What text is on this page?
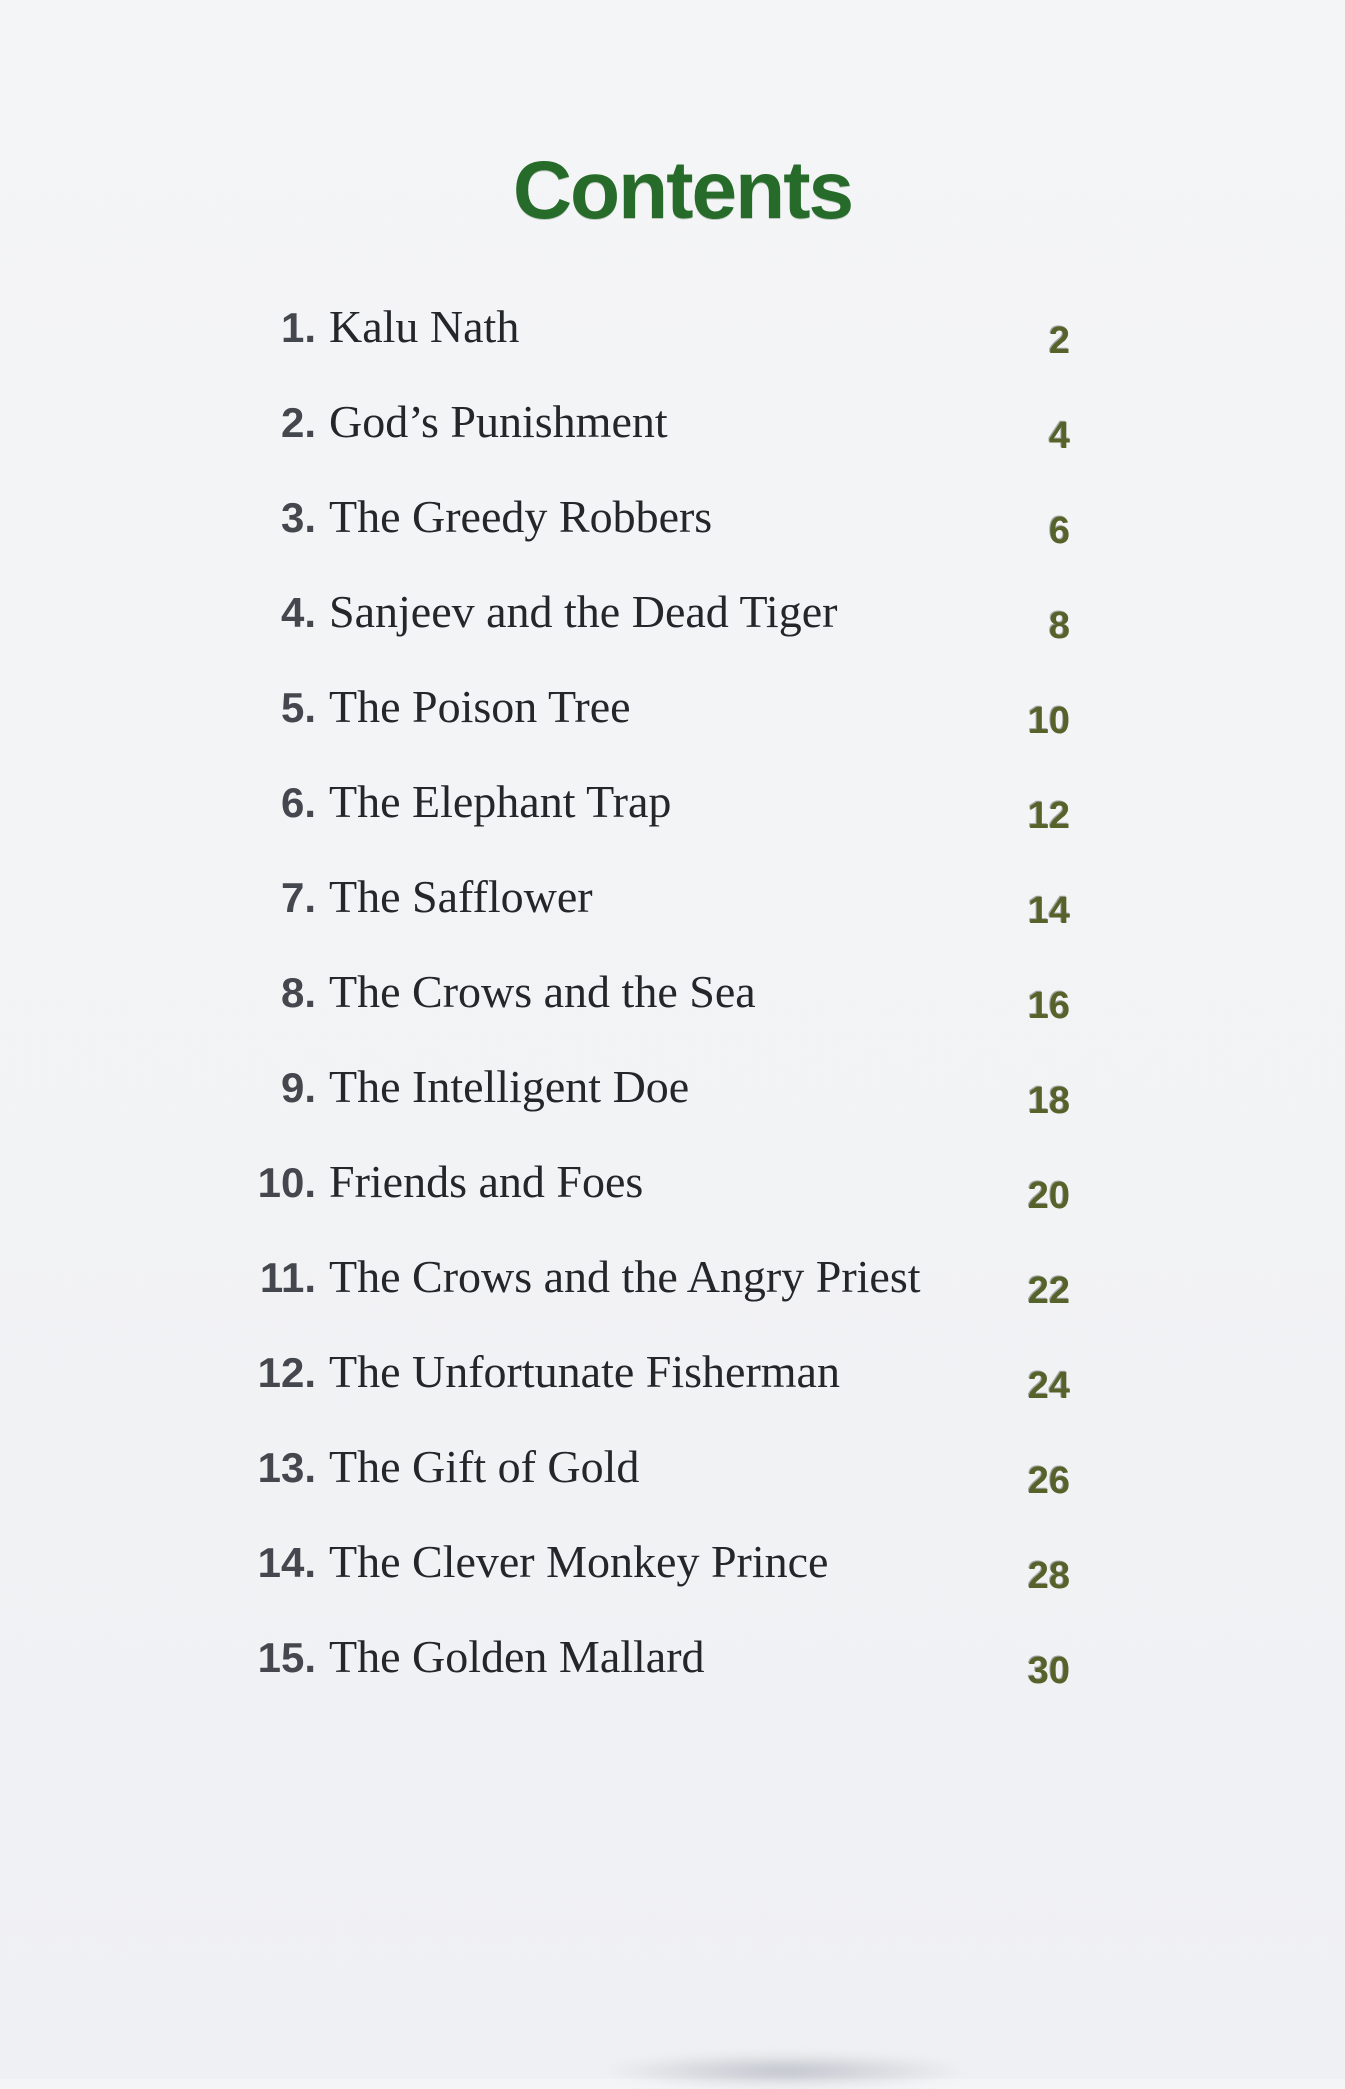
Contents
1. Kalu Nath	2
2. God’s Punishment	4
3. The Greedy Robbers	6
4. Sanjeev and the Dead Tiger	8
5. The Poison Tree	10
6. The Elephant Trap	12
7. The Safflower	14
8. The Crows and the Sea	16
9. The Intelligent Doe	18
10. Friends and Foes	20
11. The Crows and the Angry Priest	22
12. The Unfortunate Fisherman	24
13. The Gift of Gold	26
14. The Clever Monkey Prince	28
15. The Golden Mallard	30
